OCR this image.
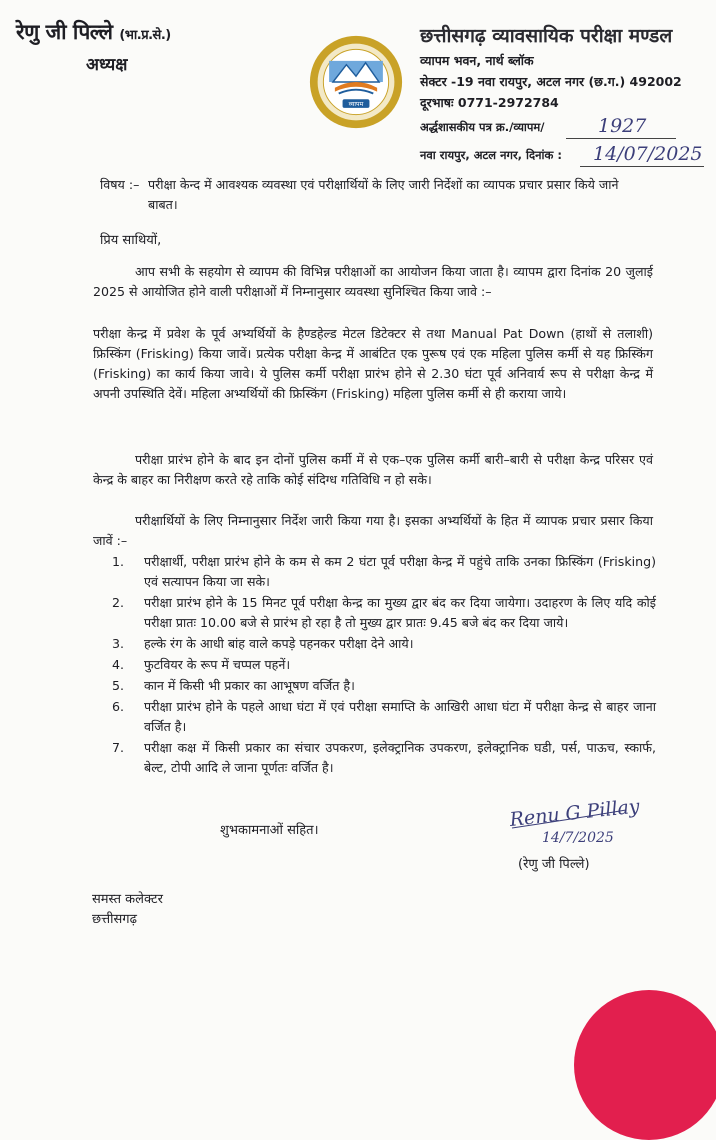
रेणु जी पिल्ले (भा.प्र.से.)
अध्यक्ष
व्यापम
छत्तीसगढ़ व्यावसायिक परीक्षा मण्डल
व्यापम भवन, नार्थ ब्लॉक
सेक्टर -19 नवा रायपुर, अटल नगर (छ.ग.) 492002
दूरभाषः 0771-2972784
अर्द्धशासकीय पत्र क्र./व्यापम/	1927
नवा रायपुर, अटल नगर, दिनांक : 14/07/2025
विषय :– परीक्षा केन्द में आवश्यक व्यवस्था एवं परीक्षार्थियों के लिए जारी निर्देशों का व्यापक प्रचार प्रसार किये जाने बाबत।
प्रिय साथियों,
आप सभी के सहयोग से व्यापम की विभिन्न परीक्षाओं का आयोजन किया जाता है। व्यापम द्वारा दिनांक 20 जुलाई 2025 से आयोजित होने वाली परीक्षाओं में निम्नानुसार व्यवस्था सुनिश्चित किया जावे :–
परीक्षा केन्द्र में प्रवेश के पूर्व अभ्यर्थियों के हैण्डहेल्ड मेटल डिटेक्टर से तथा Manual Pat Down (हाथों से तलाशी) फ्रिस्किंग (Frisking) किया जावें। प्रत्येक परीक्षा केन्द्र में आबंटित एक पुरूष एवं एक महिला पुलिस कर्मी से यह फ्रिस्किंग (Frisking) का कार्य किया जावे। ये पुलिस कर्मी परीक्षा प्रारंभ होने से 2.30 घंटा पूर्व अनिवार्य रूप से परीक्षा केन्द्र में अपनी उपस्थिति देवें। महिला अभ्यर्थियों की फ्रिस्किंग (Frisking) महिला पुलिस कर्मी से ही कराया जाये।
परीक्षा प्रारंभ होने के बाद इन दोनों पुलिस कर्मी में से एक–एक पुलिस कर्मी बारी–बारी से परीक्षा केन्द्र परिसर एवं केन्द्र के बाहर का निरीक्षण करते रहे ताकि कोई संदिग्ध गतिविधि न हो सके।
परीक्षार्थियों के लिए निम्नानुसार निर्देश जारी किया गया है। इसका अभ्यर्थियों के हित में व्यापक प्रचार प्रसार किया जावें :–
1. परीक्षार्थी, परीक्षा प्रारंभ होने के कम से कम 2 घंटा पूर्व परीक्षा केन्द्र में पहुंचे ताकि उनका फ्रिस्किंग (Frisking) एवं सत्यापन किया जा सके।
2. परीक्षा प्रारंभ होने के 15 मिनट पूर्व परीक्षा केन्द्र का मुख्य द्वार बंद कर दिया जायेगा। उदाहरण के लिए यदि कोई परीक्षा प्रातः 10.00 बजे से प्रारंभ हो रहा है तो मुख्य द्वार प्रातः 9.45 बजे बंद कर दिया जाये।
3. हल्के रंग के आधी बांह वाले कपड़े पहनकर परीक्षा देने आये।
4. फुटवियर के रूप में चप्पल पहनें।
5. कान में किसी भी प्रकार का आभूषण वर्जित है।
6. परीक्षा प्रारंभ होने के पहले आधा घंटा में एवं परीक्षा समाप्ति के आखिरी आधा घंटा में परीक्षा केन्द्र से बाहर जाना वर्जित है।
7. परीक्षा कक्ष में किसी प्रकार का संचार उपकरण, इलेक्ट्रानिक उपकरण, इलेक्ट्रानिक घडी, पर्स, पाऊच, स्कार्फ, बेल्ट, टोपी आदि ले जाना पूर्णतः वर्जित है।
शुभकामनाओं सहित।	Renu G Pillay
14/7/2025
(रेणु जी पिल्ले)
समस्त कलेक्टर
छत्तीसगढ़
